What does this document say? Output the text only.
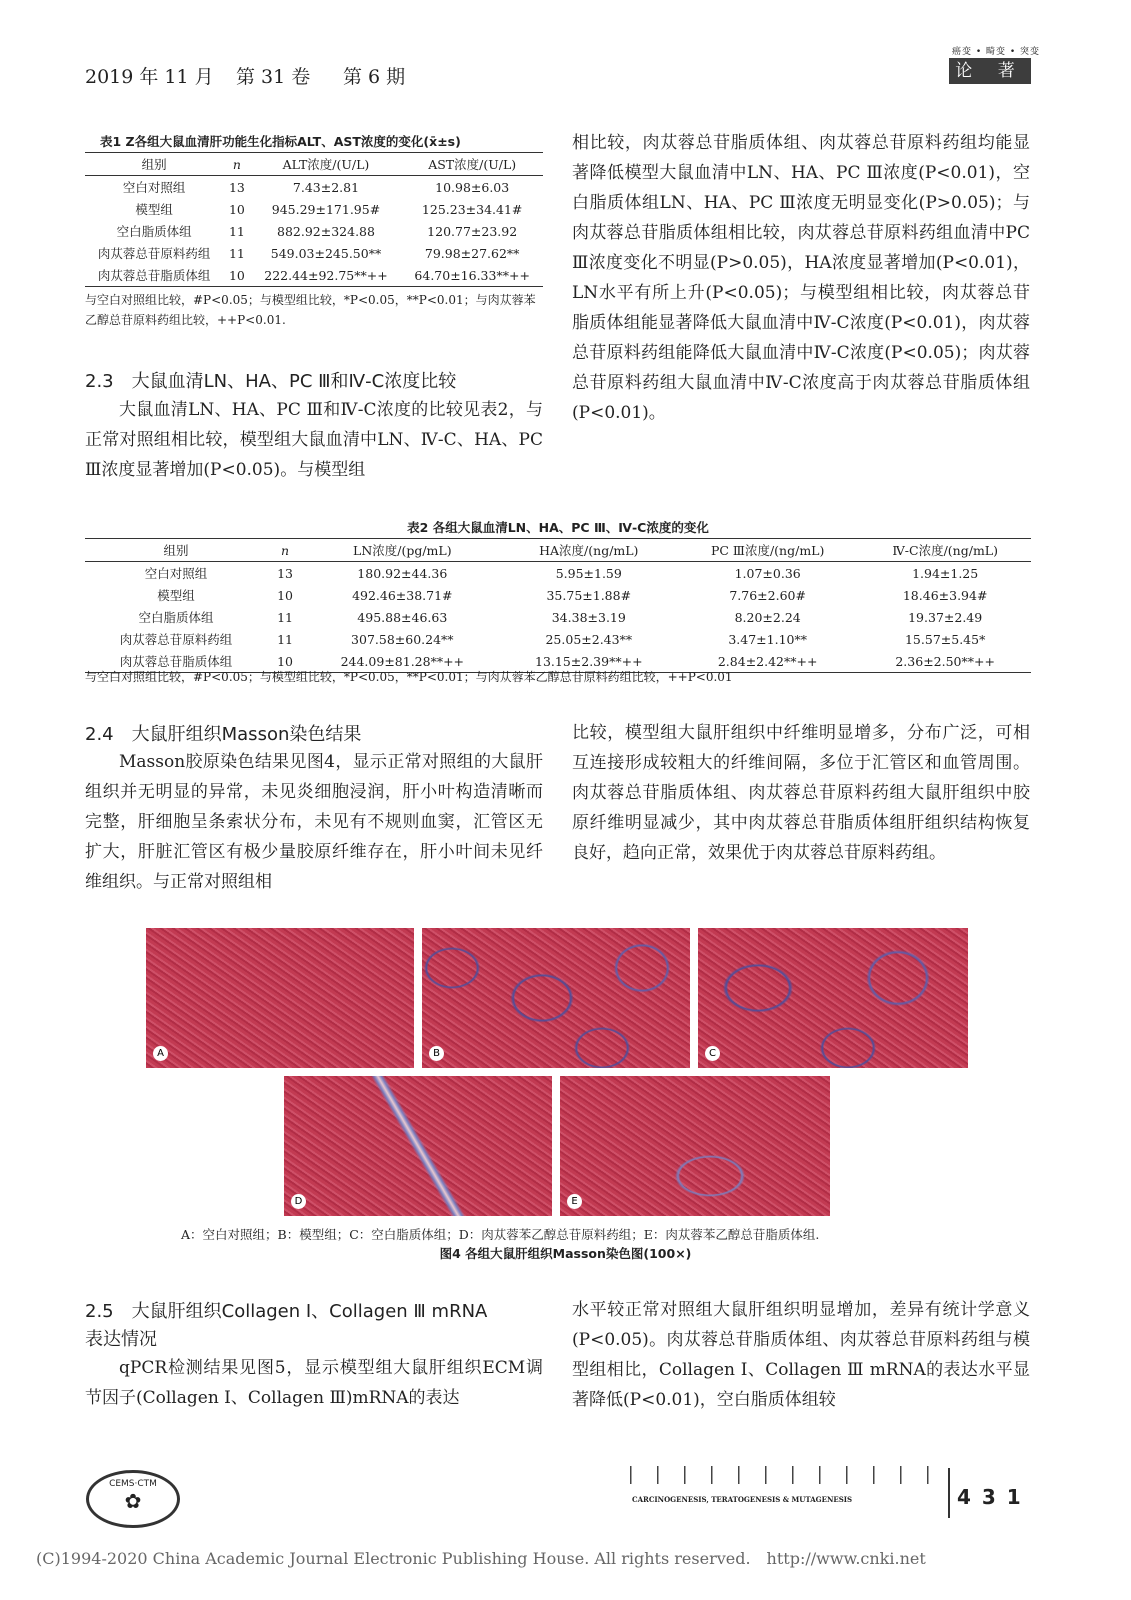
2019 年 11 月 第 31 卷 第 6 期
癌变 • 畸变 • 突变
论 著
表1 Z各组大鼠血清肝功能生化指标ALT、AST浓度的变化(x̄±s)
组别	n	ALT浓度/(U/L)	AST浓度/(U/L)
空白对照组	13	7.43±2.81	10.98±6.03
模型组	10	945.29±171.95#	125.23±34.41#
空白脂质体组	11	882.92±324.88	120.77±23.92
肉苁蓉总苷原料药组	11	549.03±245.50**	79.98±27.62**
肉苁蓉总苷脂质体组	10	222.44±92.75**++	64.70±16.33**++
与空白对照组比较，#P<0.05；与模型组比较，*P<0.05，**P<0.01；与肉苁蓉苯乙醇总苷原料药组比较，++P<0.01.
2.3　大鼠血清LN、HA、PC Ⅲ和Ⅳ-C浓度比较
大鼠血清LN、HA、PC Ⅲ和Ⅳ-C浓度的比较见表2，与正常对照组相比较，模型组大鼠血清中LN、Ⅳ-C、HA、PC Ⅲ浓度显著增加(P<0.05)。与模型组
相比较，肉苁蓉总苷脂质体组、肉苁蓉总苷原料药组均能显著降低模型大鼠血清中LN、HA、PC Ⅲ浓度(P<0.01)，空白脂质体组LN、HA、PC Ⅲ浓度无明显变化(P>0.05)；与肉苁蓉总苷脂质体组相比较，肉苁蓉总苷原料药组血清中PC Ⅲ浓度变化不明显(P>0.05)，HA浓度显著增加(P<0.01)，LN水平有所上升(P<0.05)；与模型组相比较，肉苁蓉总苷脂质体组能显著降低大鼠血清中Ⅳ-C浓度(P<0.01)，肉苁蓉总苷原料药组能降低大鼠血清中Ⅳ-C浓度(P<0.05)；肉苁蓉总苷原料药组大鼠血清中Ⅳ-C浓度高于肉苁蓉总苷脂质体组(P<0.01)。
表2 各组大鼠血清LN、HA、PC Ⅲ、Ⅳ-C浓度的变化
组别	n	LN浓度/(pg/mL)	HA浓度/(ng/mL)	PC Ⅲ浓度/(ng/mL)	Ⅳ-C浓度/(ng/mL)
空白对照组	13	180.92±44.36	5.95±1.59	1.07±0.36	1.94±1.25
模型组	10	492.46±38.71#	35.75±1.88#	7.76±2.60#	18.46±3.94#
空白脂质体组	11	495.88±46.63	34.38±3.19	8.20±2.24	19.37±2.49
肉苁蓉总苷原料药组	11	307.58±60.24**	25.05±2.43**	3.47±1.10**	15.57±5.45*
肉苁蓉总苷脂质体组	10	244.09±81.28**++	13.15±2.39**++	2.84±2.42**++	2.36±2.50**++
与空白对照组比较，#P<0.05；与模型组比较，*P<0.05，**P<0.01；与肉苁蓉苯乙醇总苷原料药组比较，++P<0.01
2.4　大鼠肝组织Masson染色结果
Masson胶原染色结果见图4，显示正常对照组的大鼠肝组织并无明显的异常，未见炎细胞浸润，肝小叶构造清晰而完整，肝细胞呈条索状分布，未见有不规则血窦，汇管区无扩大，肝脏汇管区有极少量胶原纤维存在，肝小叶间未见纤维组织。与正常对照组相
比较，模型组大鼠肝组织中纤维明显增多，分布广泛，可相互连接形成较粗大的纤维间隔，多位于汇管区和血管周围。肉苁蓉总苷脂质体组、肉苁蓉总苷原料药组大鼠肝组织中胶原纤维明显减少，其中肉苁蓉总苷脂质体组肝组织结构恢复良好，趋向正常，效果优于肉苁蓉总苷原料药组。
A	B	C
D	E
A：空白对照组；B：模型组；C：空白脂质体组；D：肉苁蓉苯乙醇总苷原料药组；E：肉苁蓉苯乙醇总苷脂质体组.
图4 各组大鼠肝组织Masson染色图(100×)
2.5　大鼠肝组织Collagen Ⅰ、Collagen Ⅲ mRNA
表达情况
qPCR检测结果见图5，显示模型组大鼠肝组织ECM调节因子(Collagen Ⅰ、Collagen Ⅲ)mRNA的表达
水平较正常对照组大鼠肝组织明显增加，差异有统计学意义(P<0.05)。肉苁蓉总苷脂质体组、肉苁蓉总苷原料药组与模型组相比，Collagen Ⅰ、Collagen Ⅲ mRNA的表达水平显著降低(P<0.01)，空白脂质体组较
CEMS·CTM
✿	CARCINOGENESIS, TERATOGENESIS & MUTAGENESIS	4 3 1
(C)1994-2020 China Academic Journal Electronic Publishing House. All rights reserved.　http://www.cnki.net
